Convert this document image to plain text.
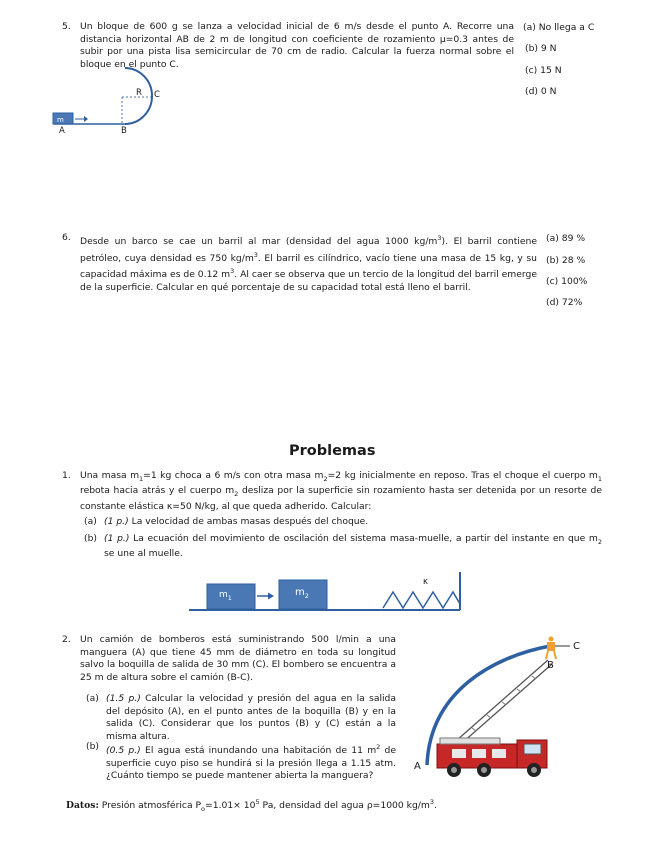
5. Un bloque de 600 g se lanza a velocidad inicial de 6 m/s desde el punto A. Recorre una distancia horizontal AB de 2 m de longitud con coeficiente de rozamiento μ=0.3 antes de subir por una pista lisa semicircular de 70 cm de radio. Calcular la fuerza normal sobre el bloque en el punto C.
(a) No llega a C
(b) 9 N
(c) 15 N
(d) 0 N
m
A	B
C
R
6. Desde un barco se cae un barril al mar (densidad del agua 1000 $kg/m^3$). El barril contiene petróleo, cuya densidad es 750 $kg/m^3$. El barril es cilíndrico, vacío tiene una masa de 15 kg, y su capacidad máxima es de 0.12 $m^3$. Al caer se observa que un tercio de la longitud del barril emerge de la superficie. Calcular en qué porcentaje de su capacidad total está lleno el barril.
(a) 89 %
(b) 28 %
(c) 100%
(d) 72%
Problemas
1. Una masa $m_1=1$ kg choca a 6 m/s con otra masa $m_2=2$ kg inicialmente en reposo. Tras el choque el cuerpo $m_1$ rebota hacia atrás y el cuerpo $m_2$ desliza por la superficie sin rozamiento hasta ser detenida por un resorte de constante elástica κ=50 N/kg, al que queda adherido. Calcular:
(a) (1 p.) La velocidad de ambas masas después del choque.
(b) (1 p.) La ecuación del movimiento de oscilación del sistema masa-muelle, a partir del instante en que $m_2$ se une al muelle.
$m_1$	$m_2$
κ
2. Un camión de bomberos está suministrando 500 l/min a una manguera (A) que tiene 45 mm de diámetro en toda su longitud salvo la boquilla de salida de 30 mm (C). El bombero se encuentra a 25 m de altura sobre el camión (B-C).
(a) (1.5 p.) Calcular la velocidad y presión del agua en la salida del depósito (A), en el punto antes de la boquilla (B) y en la salida (C). Considerar que los puntos (B) y (C) están a la misma altura.
(b) (0.5 p.) El agua está inundando una habitación de 11 $m^2$ de superficie cuyo piso se hundirá si la presión llega a 1.15 atm. ¿Cuánto tiempo se puede mantener abierta la manguera?
A
B
C
Datos: Presión atmosférica $P_o=1.01\times 10^5$ Pa, densidad del agua ρ=1000 $kg/m^3$.
